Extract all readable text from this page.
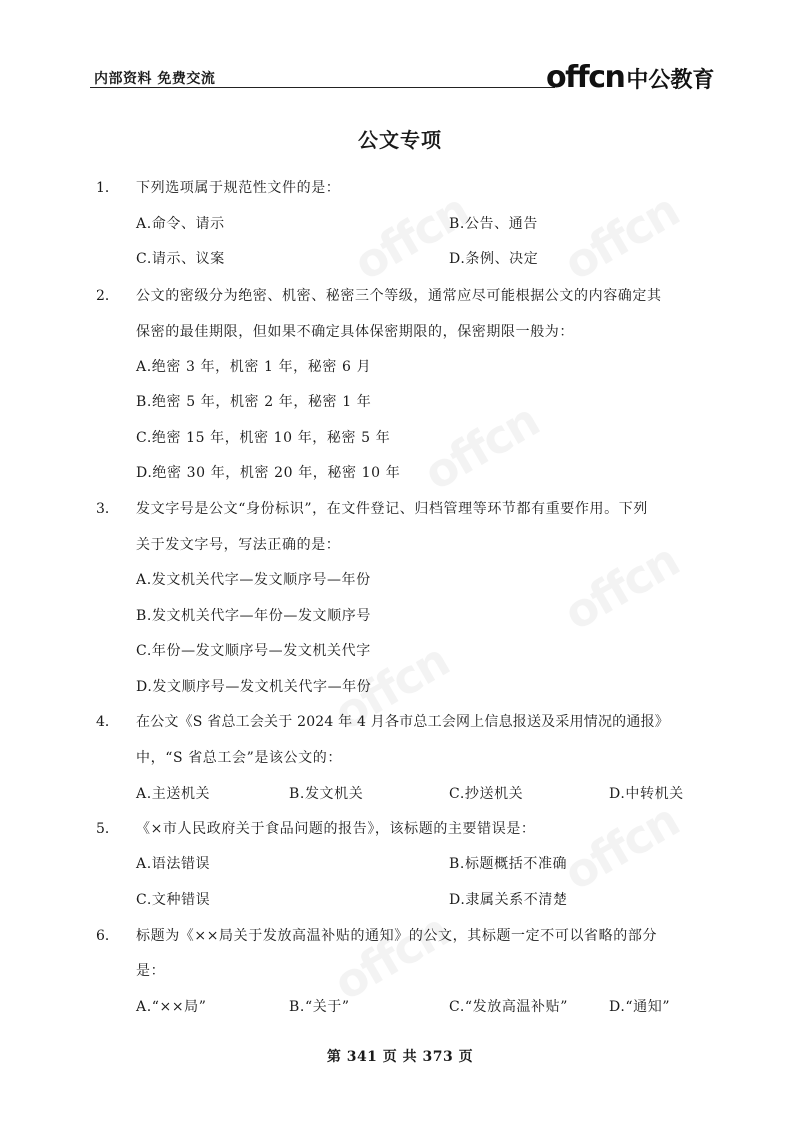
内部资料 免费交流	offcn 中公教育
公文专项
1． 下列选项属于规范性文件的是：
A.命令、请示	B.公告、通告
C.请示、议案	D.条例、决定
2． 公文的密级分为绝密、机密、秘密三个等级，通常应尽可能根据公文的内容确定其
保密的最佳期限，但如果不确定具体保密期限的，保密期限一般为：
A.绝密 3 年，机密 1 年，秘密 6 月
B.绝密 5 年，机密 2 年，秘密 1 年
C.绝密 15 年，机密 10 年，秘密 5 年
D.绝密 30 年，机密 20 年，秘密 10 年
3． 发文字号是公文“身份标识”，在文件登记、归档管理等环节都有重要作用。下列
关于发文字号，写法正确的是：
A.发文机关代字—发文顺序号—年份
B.发文机关代字—年份—发文顺序号
C.年份—发文顺序号—发文机关代字
D.发文顺序号—发文机关代字—年份
4． 在公文《S 省总工会关于 2024 年 4 月各市总工会网上信息报送及采用情况的通报》
中，“S 省总工会”是该公文的：
A.主送机关	B.发文机关	C.抄送机关	D.中转机关
5． 《×市人民政府关于食品问题的报告》，该标题的主要错误是：
A.语法错误	B.标题概括不准确
C.文种错误	D.隶属关系不清楚
6． 标题为《××局关于发放高温补贴的通知》的公文，其标题一定不可以省略的部分
是：
A.“××局”	B.“关于”	C.“发放高温补贴”	D.“通知”
第 341 页 共 373 页
